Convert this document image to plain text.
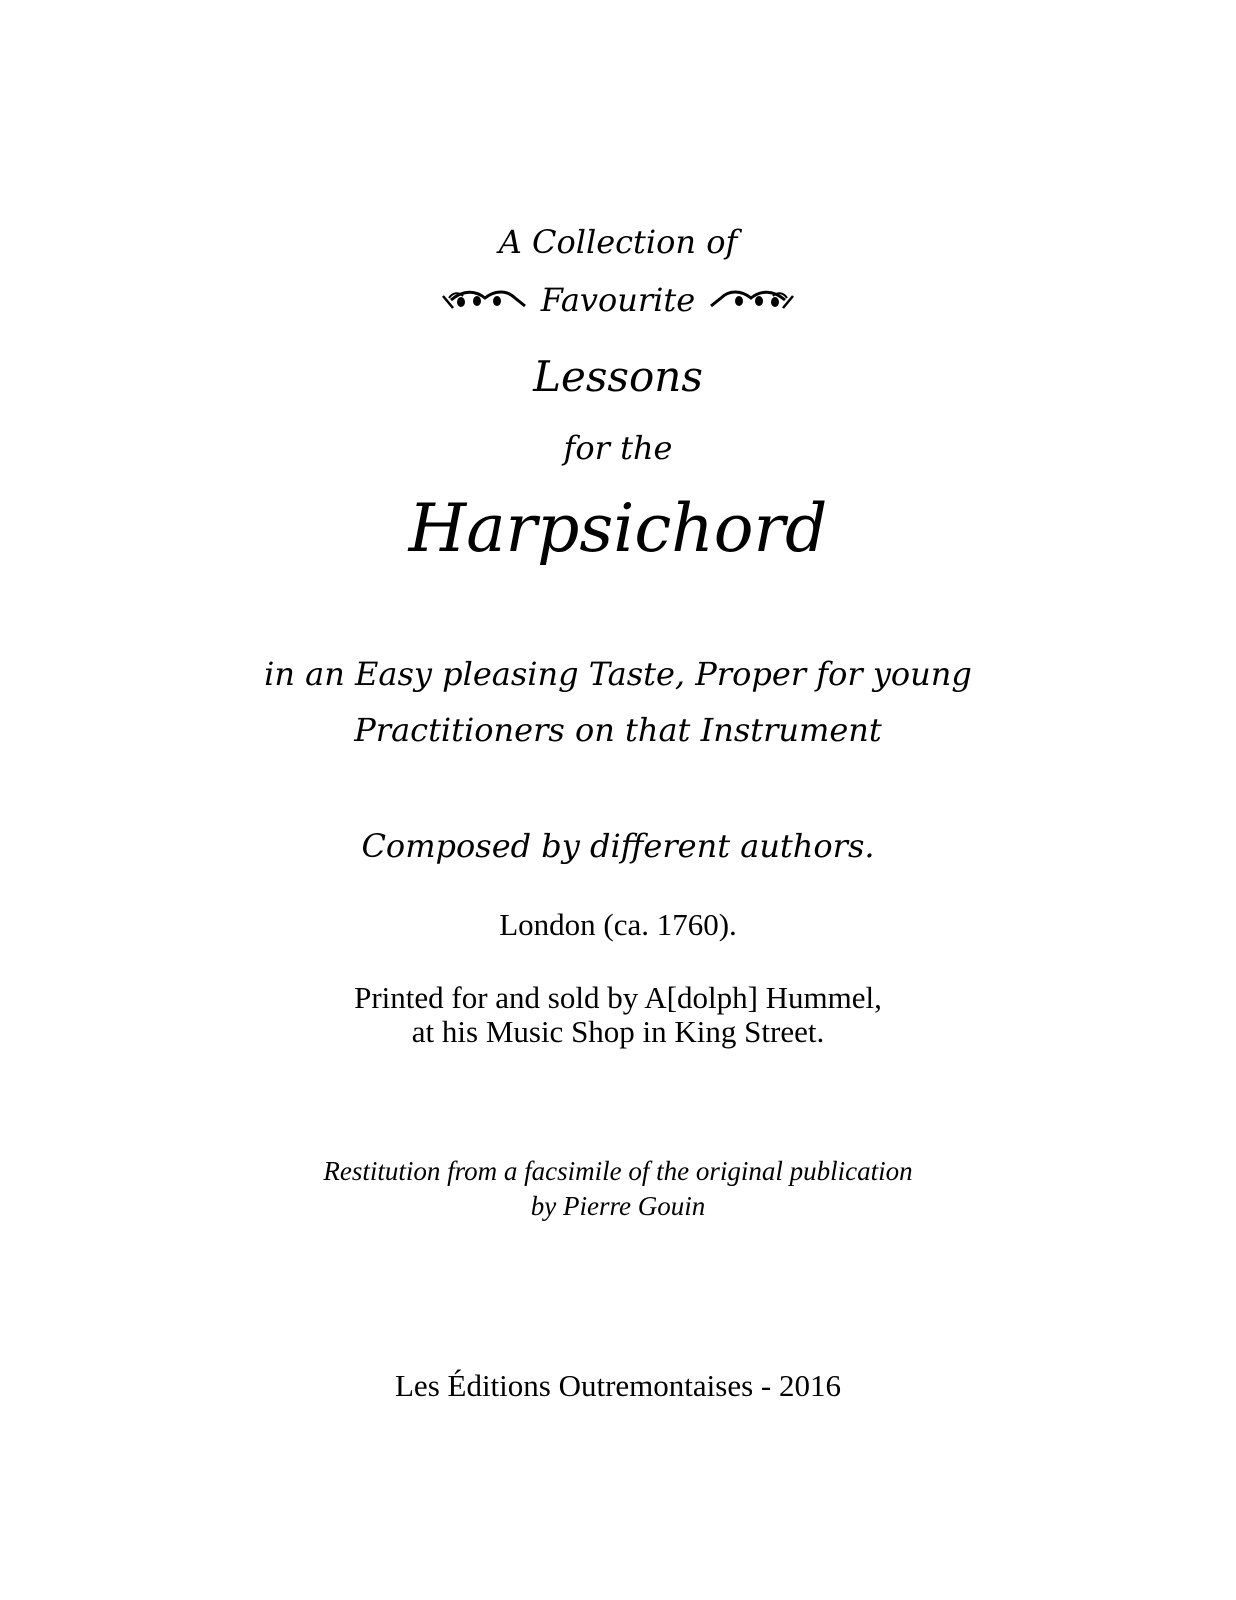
A Collection of
Favourite
Lessons
for the
Harpsichord
in an Easy pleasing Taste, Proper for young
Practitioners on that Instrument
Composed by different authors.
London (ca. 1760).
Printed for and sold by A[dolph] Hummel,
at his Music Shop in King Street.
Restitution from a facsimile of the original publication
by Pierre Gouin
Les Éditions Outremontaises - 2016
